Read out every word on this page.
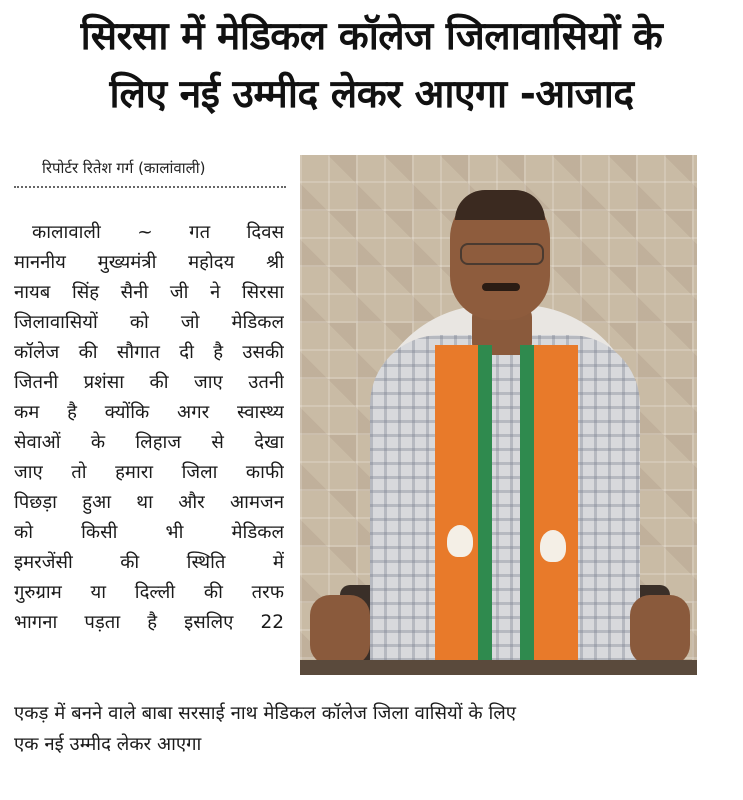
सिरसा में मेडिकल कॉलेज जिलावासियों के
लिए नई उम्मीद लेकर आएगा -आजाद
रिपोर्टर रितेश गर्ग (कालांवाली)
कालावाली ~ गत दिवस
माननीय मुख्यमंत्री महोदय श्री
नायब सिंह सैनी जी ने सिरसा
जिलावासियों को जो मेडिकल
कॉलेज की सौगात दी है उसकी
जितनी प्रशंसा की जाए उतनी
कम है क्योंकि अगर स्वास्थ्य
सेवाओं के लिहाज से देखा
जाए तो हमारा जिला काफी
पिछड़ा हुआ था और आमजन
को किसी भी मेडिकल
इमरजेंसी की स्थिति में
गुरुग्राम या दिल्ली की तरफ
भागना पड़ता है इसलिए 22
एकड़ में बनने वाले बाबा सरसाई नाथ मेडिकल कॉलेज जिला वासियों के लिए
एक नई उम्मीद लेकर आएगा
